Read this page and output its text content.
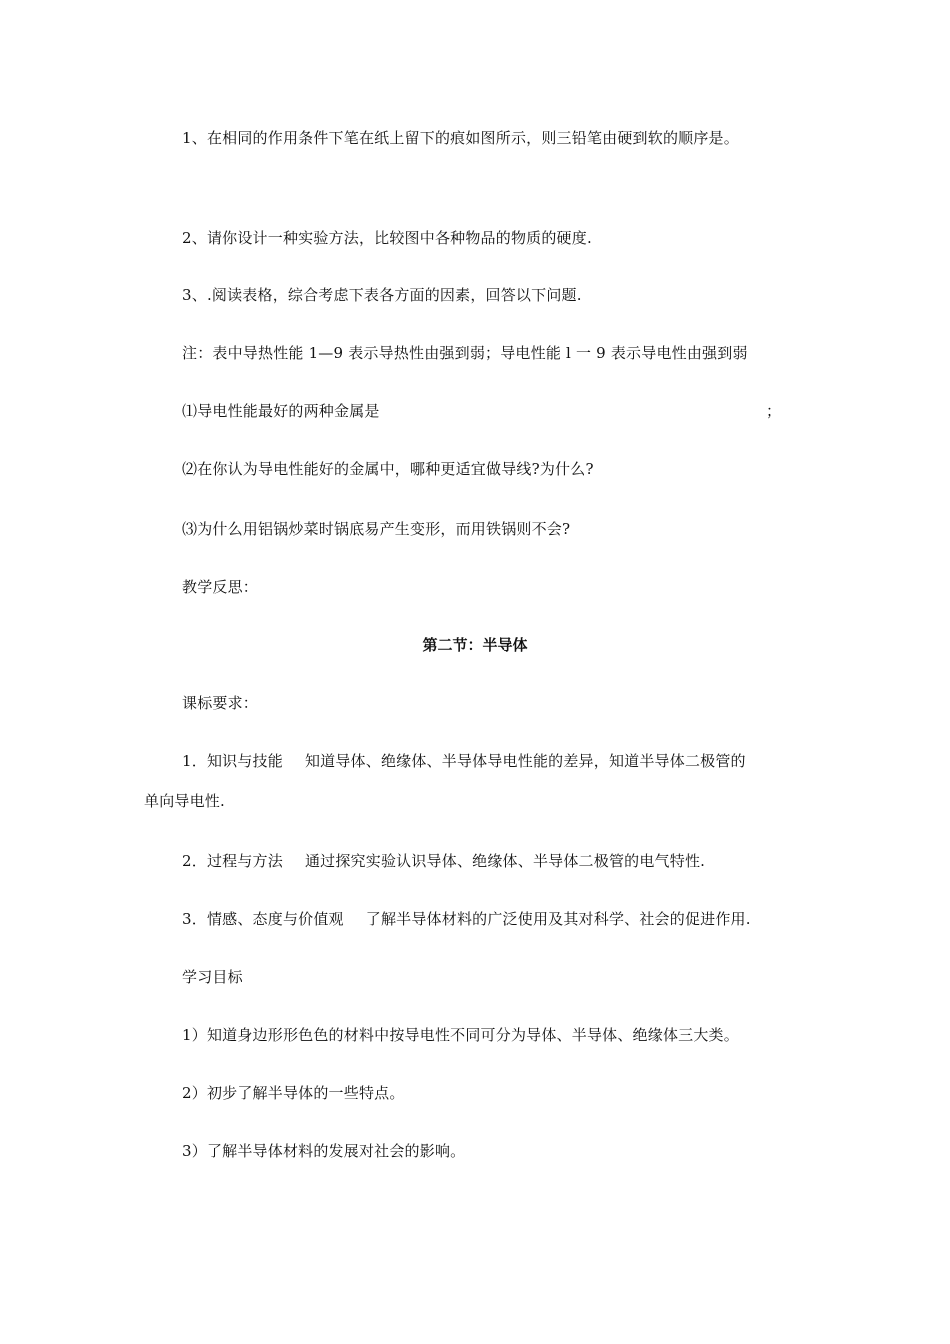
1、在相同的作用条件下笔在纸上留下的痕如图所示，则三铅笔由硬到软的顺序是。
2、请你设计一种实验方法，比较图中各种物品的物质的硬度.
3、.阅读表格，综合考虑下表各方面的因素，回答以下问题.
注：表中导热性能 1—9 表示导热性由强到弱；导电性能 l 一 9 表示导电性由强到弱
⑴导电性能最好的两种金属是	；
⑵在你认为导电性能好的金属中，哪种更适宜做导线?为什么?
⑶为什么用铝锅炒菜时锅底易产生变形，而用铁锅则不会?
教学反思：
第二节：半导体
课标要求：
1．知识与技能 知道导体、绝缘体、半导体导电性能的差异，知道半导体二极管的
单向导电性.
2．过程与方法 通过探究实验认识导体、绝缘体、半导体二极管的电气特性.
3．情感、态度与价值观 了解半导体材料的广泛使用及其对科学、社会的促进作用.
学习目标
1）知道身边形形色色的材料中按导电性不同可分为导体、半导体、绝缘体三大类。
2）初步了解半导体的一些特点。
3）了解半导体材料的发展对社会的影响。
